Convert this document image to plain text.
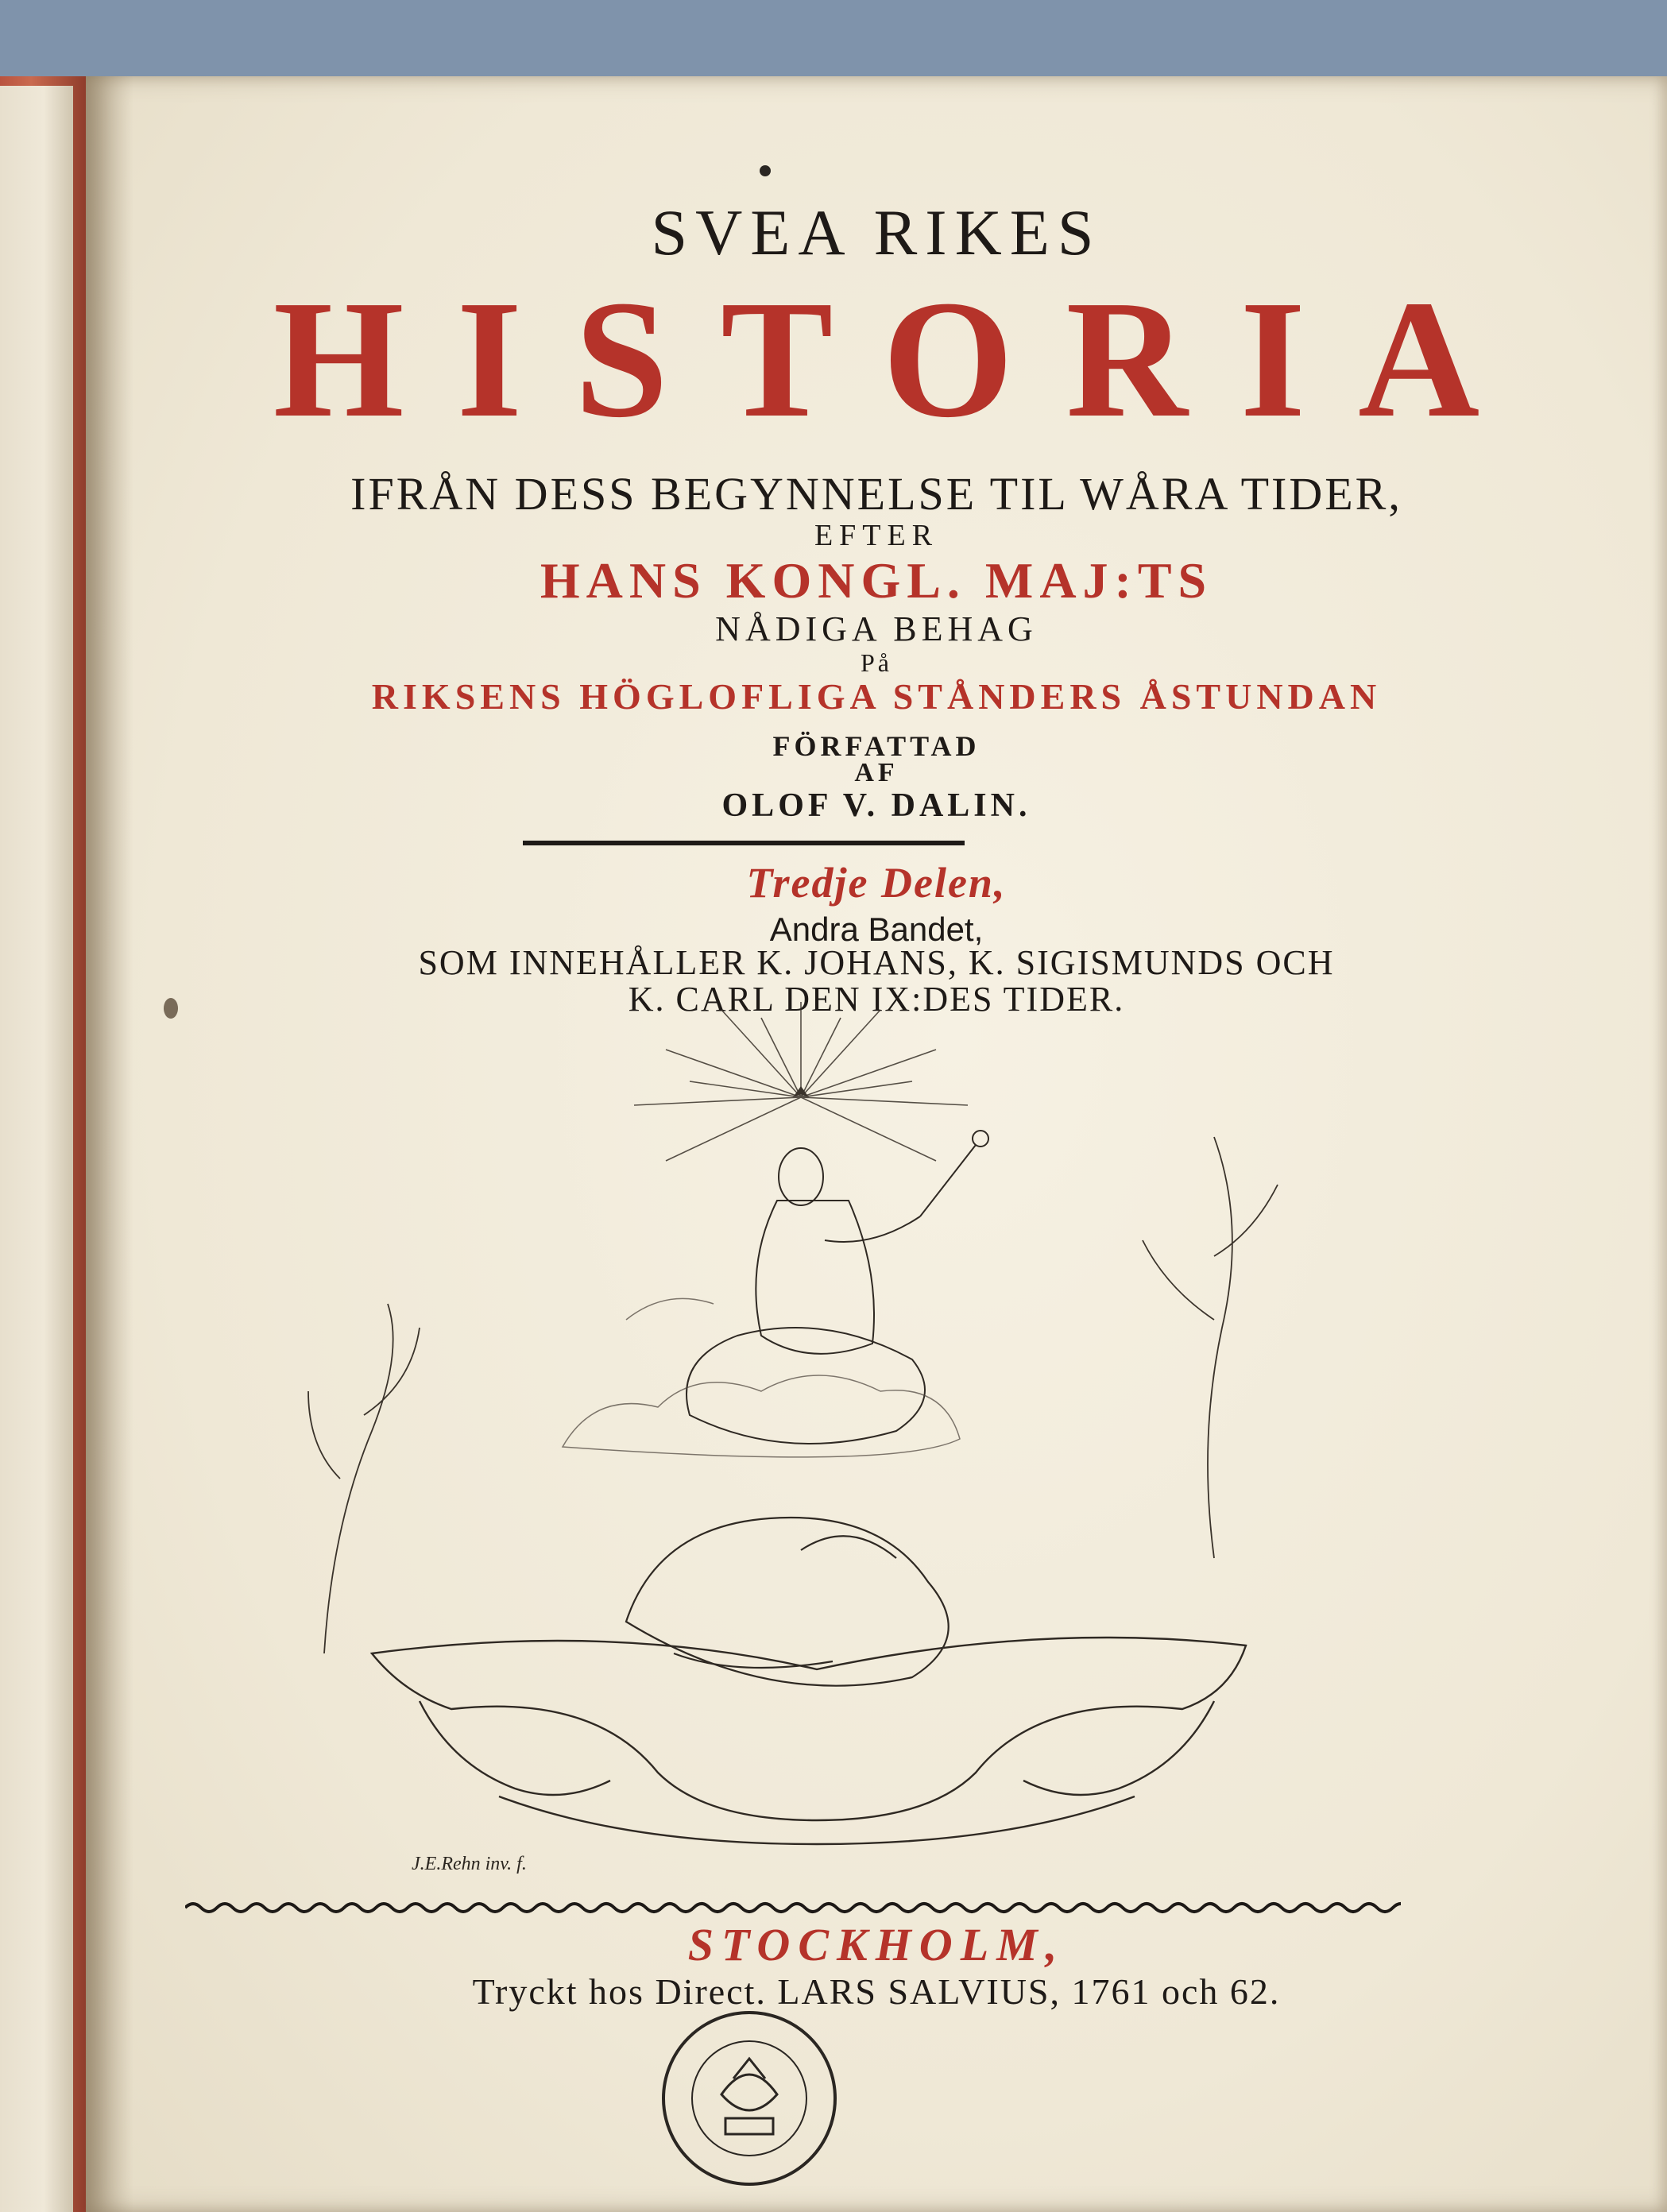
SVEA RIKES
HISTORIA
IFRÅN DESS BEGYNNELSE TIL WÅRA TIDER,
EFTER
HANS KONGL. MAJ:TS
NÅDIGA BEHAG
På
RIKSENS HÖGLOFLIGA STÅNDERS ÅSTUNDAN
FÖRFATTAD
AF
OLOF V. DALIN.
Tredje Delen,
Andra Bandet,
SOM INNEHÅLLER K. JOHANS, K. SIGISMUNDS OCH
K. CARL DEN IX:DES TIDER.
J.E.Rehn inv. f.
STOCKHOLM,
Tryckt hos Direct. LARS SALVIUS, 1761 och 62.
